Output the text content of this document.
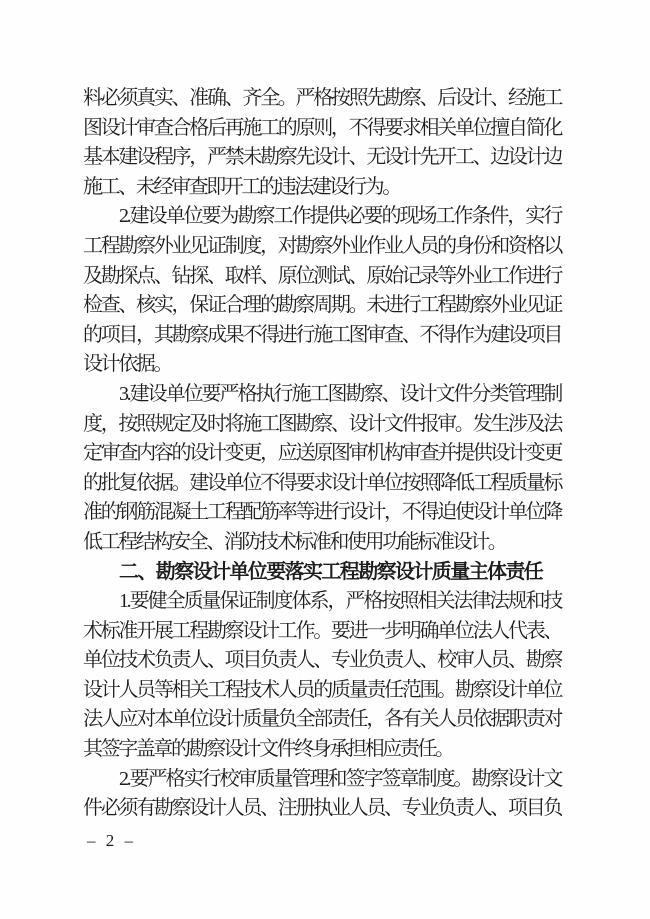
料必须真实、准确、齐全。严格按照先勘察、后设计、经施工
图设计审查合格后再施工的原则，不得要求相关单位擅自简化
基本建设程序，严禁未勘察先设计、无设计先开工、边设计边
施工、未经审查即开工的违法建设行为。
2.建设单位要为勘察工作提供必要的现场工作条件，实行
工程勘察外业见证制度，对勘察外业作业人员的身份和资格以
及勘探点、钻探、取样、原位测试、原始记录等外业工作进行
检查、核实，保证合理的勘察周期。未进行工程勘察外业见证
的项目，其勘察成果不得进行施工图审查、不得作为建设项目
设计依据。
3.建设单位要严格执行施工图勘察、设计文件分类管理制
度，按照规定及时将施工图勘察、设计文件报审。发生涉及法
定审查内容的设计变更，应送原图审机构审查并提供设计变更
的批复依据。建设单位不得要求设计单位按照降低工程质量标
准的钢筋混凝土工程配筋率等进行设计，不得迫使设计单位降
低工程结构安全、消防技术标准和使用功能标准设计。
二、勘察设计单位要落实工程勘察设计质量主体责任
1.要健全质量保证制度体系，严格按照相关法律法规和技
术标准开展工程勘察设计工作。要进一步明确单位法人代表、
单位技术负责人、项目负责人、专业负责人、校审人员、勘察
设计人员等相关工程技术人员的质量责任范围。勘察设计单位
法人应对本单位设计质量负全部责任，各有关人员依据职责对
其签字盖章的勘察设计文件终身承担相应责任。
2.要严格实行校审质量管理和签字签章制度。勘察设计文
件必须有勘察设计人员、注册执业人员、专业负责人、项目负
– 2 –
